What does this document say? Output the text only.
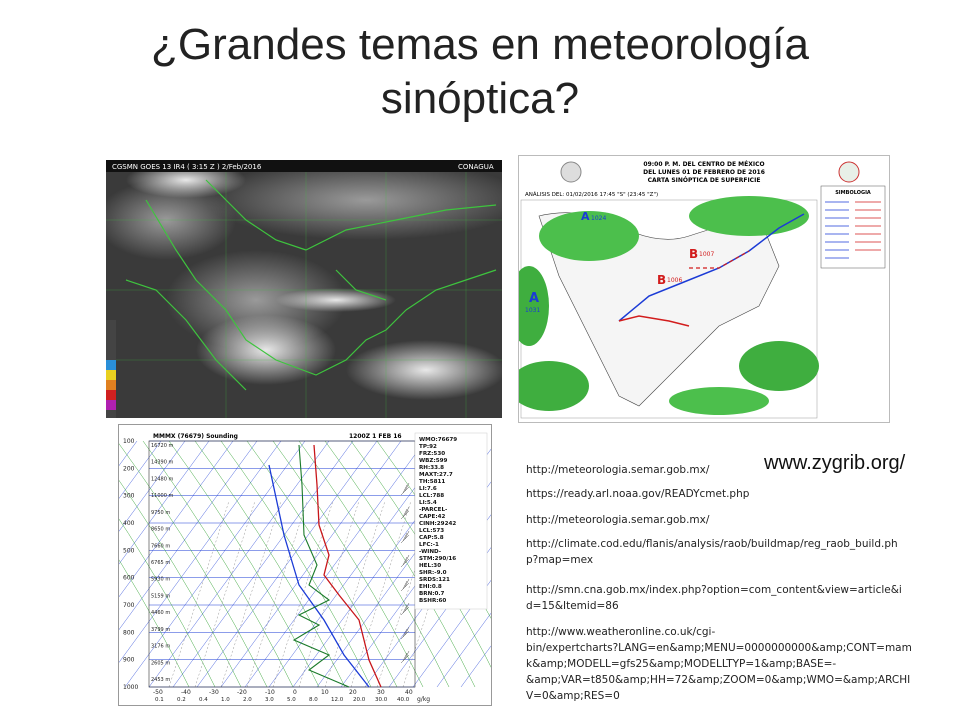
¿Grandes temas en meteorología
sinóptica?
CGSMN GOES 13 IR4 ( 3:15 Z ) 2/Feb/2016	CONAGUA	09:00 P. M. DEL CENTRO DE MÉXICO
DEL LUNES 01 DE FEBRERO DE 2016
CARTA SINÓPTICA DE SUPERFICIE
ANÁLISIS DEL: 01/02/2016 17:45 "S" (23:45 "Z")
A 1024
A
1031
B 1007
B 1006
SIMBOLOGIA
100
200
300
400
500
600
700
800
900
1000
16720 m
14390 m
12480 m
11000 m
9750 m
8650 m
7660 m
6765 m
5930 m
5159 m
4460 m
3799 m
3176 m
2605 m
2453 m
-50	-40	-30	-20	-10	0	10	20	30	40
0.1 0.2 0.4 1.0 2.0 3.0 5.0 8.0 12.0 20.0 30.0 40.0 g/kg
MMMX (76679) Sounding	1200Z 1 FEB 16	WMO:76679
TP:92
FRZ:530
WBZ:599
RH:33.8
MAXT:27.7
TH:5811
LI:7.6
LCL:788
LI:5.4
-PARCEL-
CAPE:42
CINH:29242
LCL:573
CAP:5.8
LFC:-1
-WIND-
STM:290/16
HEL:30
SHR:-9.0
SRDS:121
EHI:0.8
BRN:0.7
BSHR:60
http://meteorologia.semar.gob.mx/	www.zygrib.org/
https://ready.arl.noaa.gov/READYcmet.php
http://meteorologia.semar.gob.mx/
http://climate.cod.edu/flanis/analysis/raob/buildmap/reg_raob_build.ph
p?map=mex
http://smn.cna.gob.mx/index.php?option=com_content&view=article&i
d=15&Itemid=86
http://www.weatheronline.co.uk/cgi-
bin/expertcharts?LANG=en&amp;MENU=0000000000&amp;CONT=mam
k&amp;MODELL=gfs25&amp;MODELLTYP=1&amp;BASE=-
&amp;VAR=t850&amp;HH=72&amp;ZOOM=0&amp;WMO=&amp;ARCHI
V=0&amp;RES=0
